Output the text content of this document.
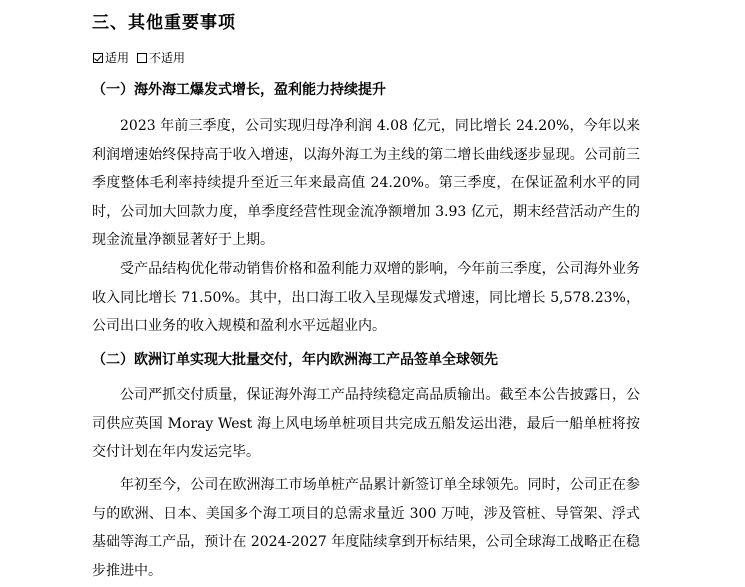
三、其他重要事项
适用 不适用
（一）海外海工爆发式增长，盈利能力持续提升

2023 年前三季度，公司实现归母净利润 4.08 亿元，同比增长 24.20%，今年以来利润增速始终保持高于收入增速，以海外海工为主线的第二增长曲线逐步显现。公司前三季度整体毛利率持续提升至近三年来最高值 24.20%。第三季度，在保证盈利水平的同时，公司加大回款力度，单季度经营性现金流净额增加 3.93 亿元，期末经营活动产生的现金流量净额显著好于上期。

受产品结构优化带动销售价格和盈利能力双增的影响，今年前三季度，公司海外业务收入同比增长 71.50%。其中，出口海工收入呈现爆发式增速，同比增长 5,578.23%，公司出口业务的收入规模和盈利水平远超业内。

（二）欧洲订单实现大批量交付，年内欧洲海工产品签单全球领先

公司严抓交付质量，保证海外海工产品持续稳定高品质输出。截至本公告披露日，公司供应英国 Moray West 海上风电场单桩项目共完成五船发运出港，最后一船单桩将按交付计划在年内发运完毕。

年初至今，公司在欧洲海工市场单桩产品累计新签订单全球领先。同时，公司正在参与的欧洲、日本、美国多个海工项目的总需求量近 300 万吨，涉及管桩、导管架、浮式基础等海工产品，预计在 2024-2027 年度陆续拿到开标结果，公司全球海工战略正在稳步推进中。
